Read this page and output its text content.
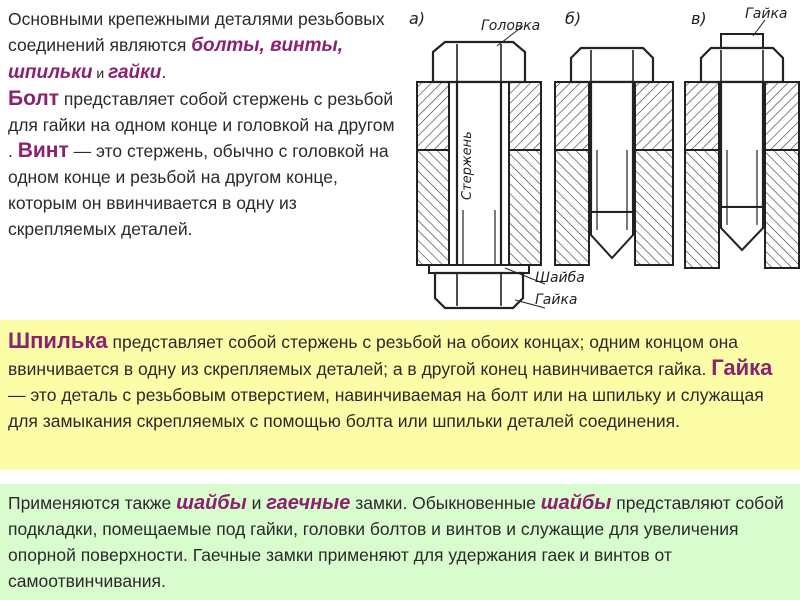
Основными крепежными деталями резьбовых соединений являются болты, винты, шпильки и гайки.
Болт представляет собой стержень с резьбой для гайки на одном конце и головкой на другом . Винт — это стержень, обычно с головкой на одном конце и резьбой на другом конце, которым он ввинчивается в одну из скрепляемых деталей.

Стержень
Головка
Шайба
Гайка
а)	б)	Гайка
в)

Шпилька представляет собой стержень с резьбой на обоих концах; одним концом она ввинчивается в одну из скрепляемых деталей; а в другой конец навинчивается гайка. Гайка — это деталь с резьбовым отверстием, навинчиваемая на болт или на шпильку и служащая для замыкания скрепляемых с помощью болта или шпильки деталей соединения.

Применяются также шайбы и гаечные замки. Обыкновенные шайбы представляют собой подкладки, помещаемые под гайки, головки болтов и винтов и служащие для увеличения опорной поверхности. Гаечные замки применяют для удержания гаек и винтов от самоотвинчивания.
